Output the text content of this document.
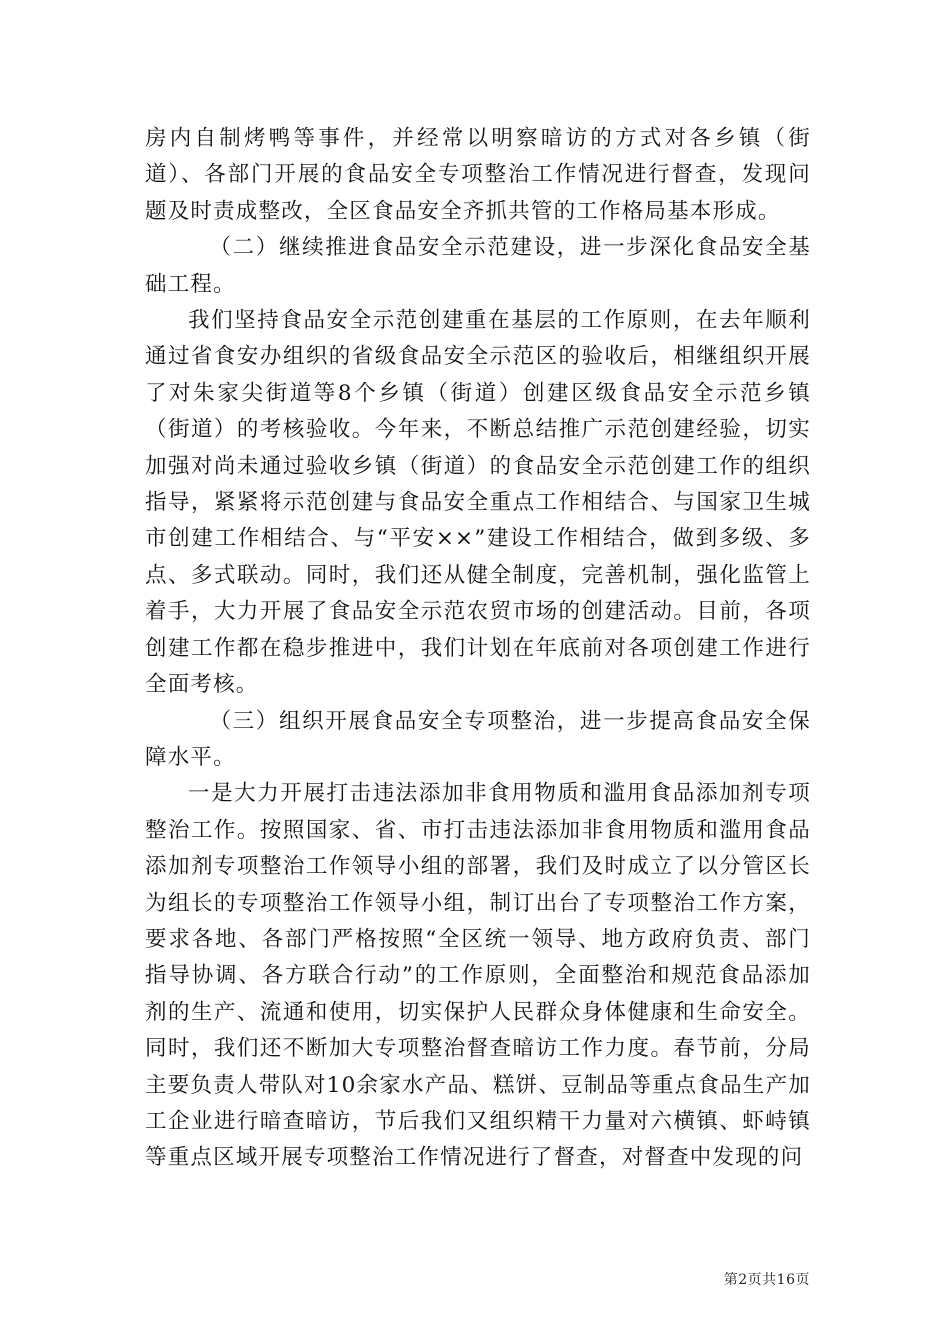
房内自制烤鸭等事件，并经常以明察暗访的方式对各乡镇（街道）、各部门开展的食品安全专项整治工作情况进行督查，发现问题及时责成整改，全区食品安全齐抓共管的工作格局基本形成。

（二）继续推进食品安全示范建设，进一步深化食品安全基础工程。

我们坚持食品安全示范创建重在基层的工作原则，在去年顺利通过省食安办组织的省级食品安全示范区的验收后，相继组织开展了对朱家尖街道等8个乡镇（街道）创建区级食品安全示范乡镇（街道）的考核验收。今年来，不断总结推广示范创建经验，切实加强对尚未通过验收乡镇（街道）的食品安全示范创建工作的组织指导，紧紧将示范创建与食品安全重点工作相结合、与国家卫生城市创建工作相结合、与“平安××”建设工作相结合，做到多级、多点、多式联动。同时，我们还从健全制度，完善机制，强化监管上着手，大力开展了食品安全示范农贸市场的创建活动。目前，各项创建工作都在稳步推进中，我们计划在年底前对各项创建工作进行全面考核。

（三）组织开展食品安全专项整治，进一步提高食品安全保障水平。

一是大力开展打击违法添加非食用物质和滥用食品添加剂专项整治工作。按照国家、省、市打击违法添加非食用物质和滥用食品添加剂专项整治工作领导小组的部署，我们及时成立了以分管区长为组长的专项整治工作领导小组，制订出台了专项整治工作方案，要求各地、各部门严格按照“全区统一领导、地方政府负责、部门指导协调、各方联合行动”的工作原则，全面整治和规范食品添加剂的生产、流通和使用，切实保护人民群众身体健康和生命安全。同时，我们还不断加大专项整治督查暗访工作力度。春节前，分局主要负责人带队对10余家水产品、糕饼、豆制品等重点食品生产加工企业进行暗查暗访，节后我们又组织精干力量对六横镇、虾峙镇等重点区域开展专项整治工作情况进行了督查，对督查中发现的问

第2页共16页
